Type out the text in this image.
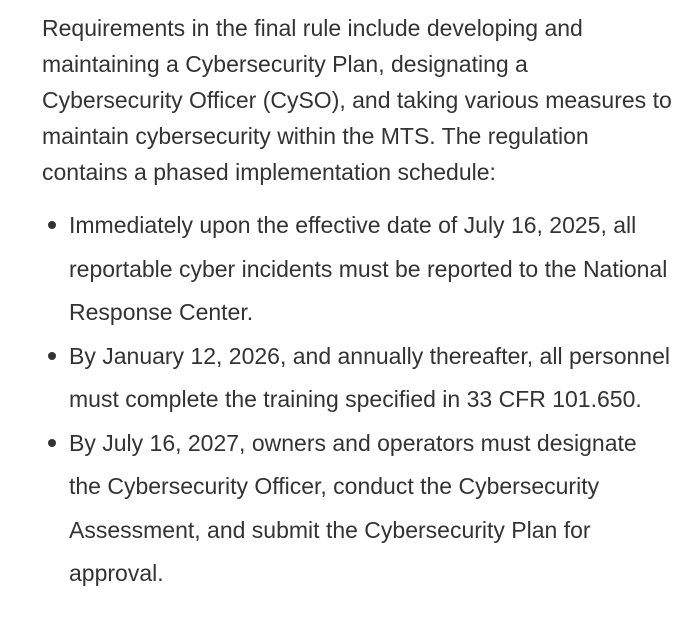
Requirements in the final rule include developing and maintaining a Cybersecurity Plan, designating a Cybersecurity Officer (CySO), and taking various measures to maintain cybersecurity within the MTS. The regulation contains a phased implementation schedule:

Immediately upon the effective date of July 16, 2025, all reportable cyber incidents must be reported to the National Response Center.
By January 12, 2026, and annually thereafter, all personnel must complete the training specified in 33 CFR 101.650.
By July 16, 2027, owners and operators must designate the Cybersecurity Officer, conduct the Cybersecurity Assessment, and submit the Cybersecurity Plan for approval.
